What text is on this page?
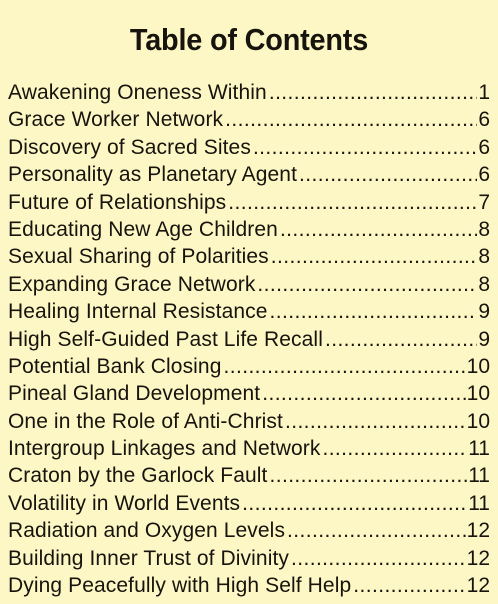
Table of Contents
Awakening Oneness Within .....	1
Grace Worker Network .....	6
Discovery of Sacred Sites .....	6
Personality as Planetary Agent .....	6
Future of Relationships .....	7
Educating New Age Children .....	8
Sexual Sharing of Polarities .....	8
Expanding Grace Network .....	8
Healing Internal Resistance .....	9
High Self-Guided Past Life Recall .....	9
Potential Bank Closing .....	10
Pineal Gland Development .....	10
One in the Role of Anti-Christ .....	10
Intergroup Linkages and Network .....	11
Craton by the Garlock Fault .....	11
Volatility in World Events .....	11
Radiation and Oxygen Levels .....	12
Building Inner Trust of Divinity .....	12
Dying Peacefully with High Self Help .....	12
